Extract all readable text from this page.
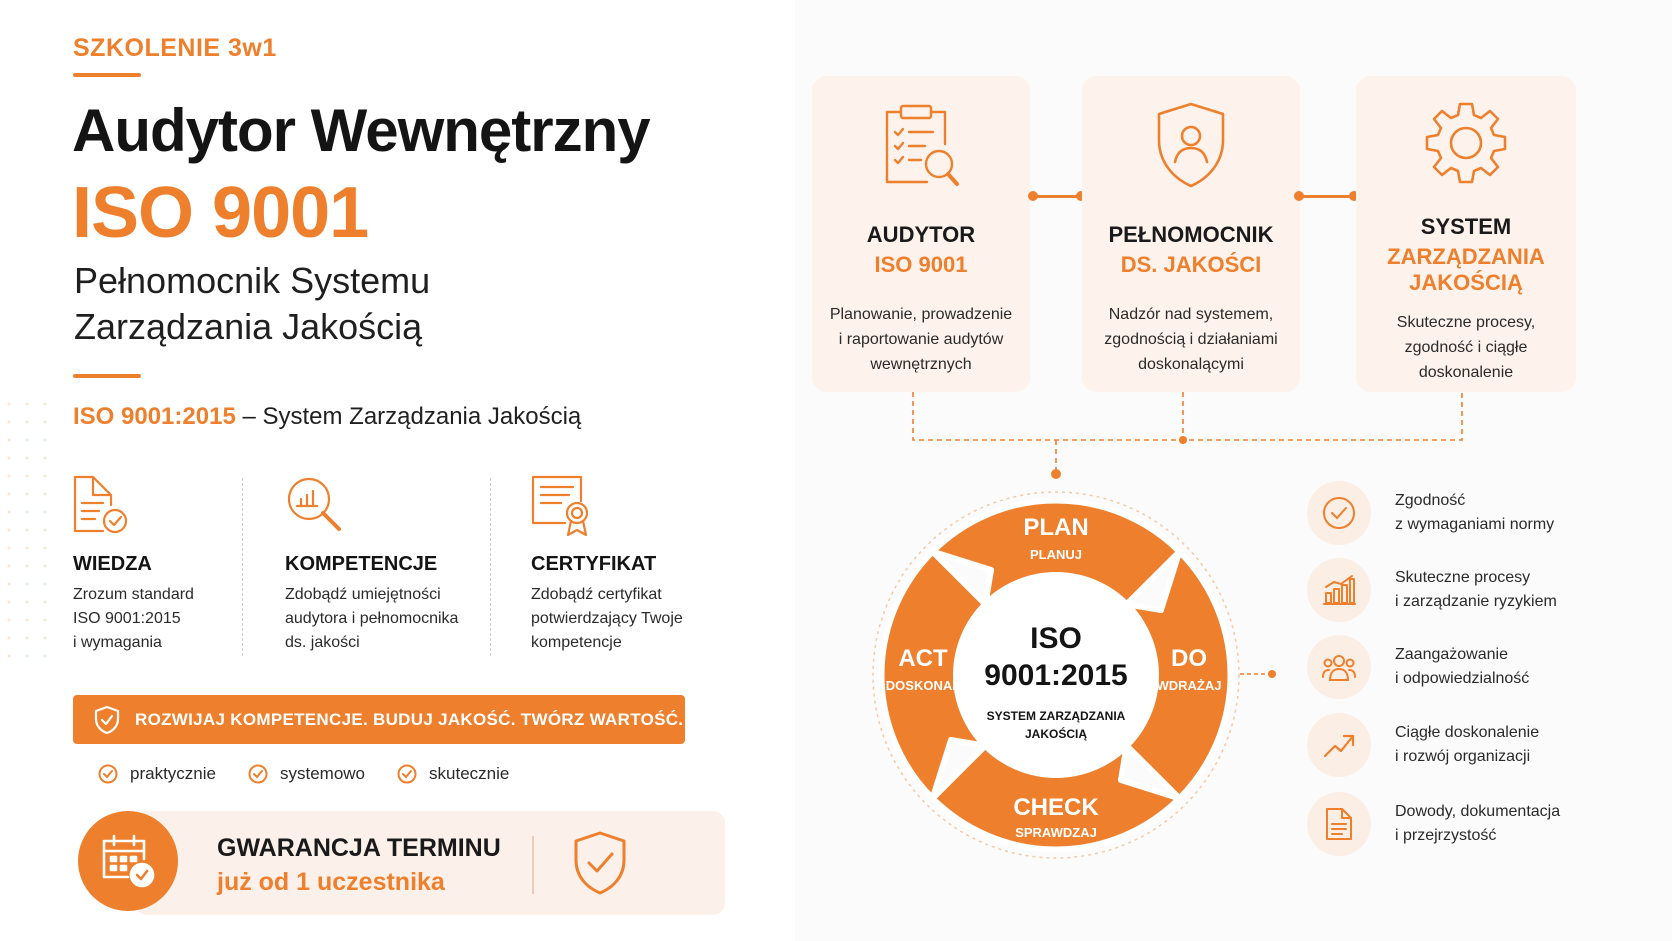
SZKOLENIE 3w1
Audytor Wewnętrzny
ISO 9001
Pełnomocnik Systemu
Zarządzania Jakością
ISO 9001:2015 – System Zarządzania Jakością
WIEDZA

Zrozum standard
ISO 9001:2015
i wymagania

KOMPETENCJE

Zdobądź umiejętności
audytora i pełnomocnika
ds. jakości

CERTYFIKAT

Zdobądź certyfikat
potwierdzający Twoje
kompetencje

ROZWIJAJ KOMPETENCJE. BUDUJ JAKOŚĆ. TWÓRZ WARTOŚĆ.
praktycznie	systemowo	skutecznie
GWARANCJA TERMINU
już od 1 uczestnika
AUDYTOR
ISO 9001

Planowanie, prowadzenie
i raportowanie audytów
wewnętrznych

PEŁNOMOCNIK
DS. JAKOŚCI

Nadzór nad systemem,
zgodnością i działaniami
doskonalącymi

SYSTEM
ZARZĄDZANIA
JAKOŚCIĄ

Skuteczne procesy,
zgodność i ciągłe
doskonalenie

PLAN
PLANUJ
DO
WDRAŻAJ
CHECK
SPRAWDZAJ
ACT
DOSKONAL
ISO
9001:2015
SYSTEM ZARZĄDZANIA
JAKOŚCIĄ

Zgodność
z wymaganiami normy

Skuteczne procesy
i zarządzanie ryzykiem

Zaangażowanie
i odpowiedzialność

Ciągłe doskonalenie
i rozwój organizacji

Dowody, dokumentacja
i przejrzystość
